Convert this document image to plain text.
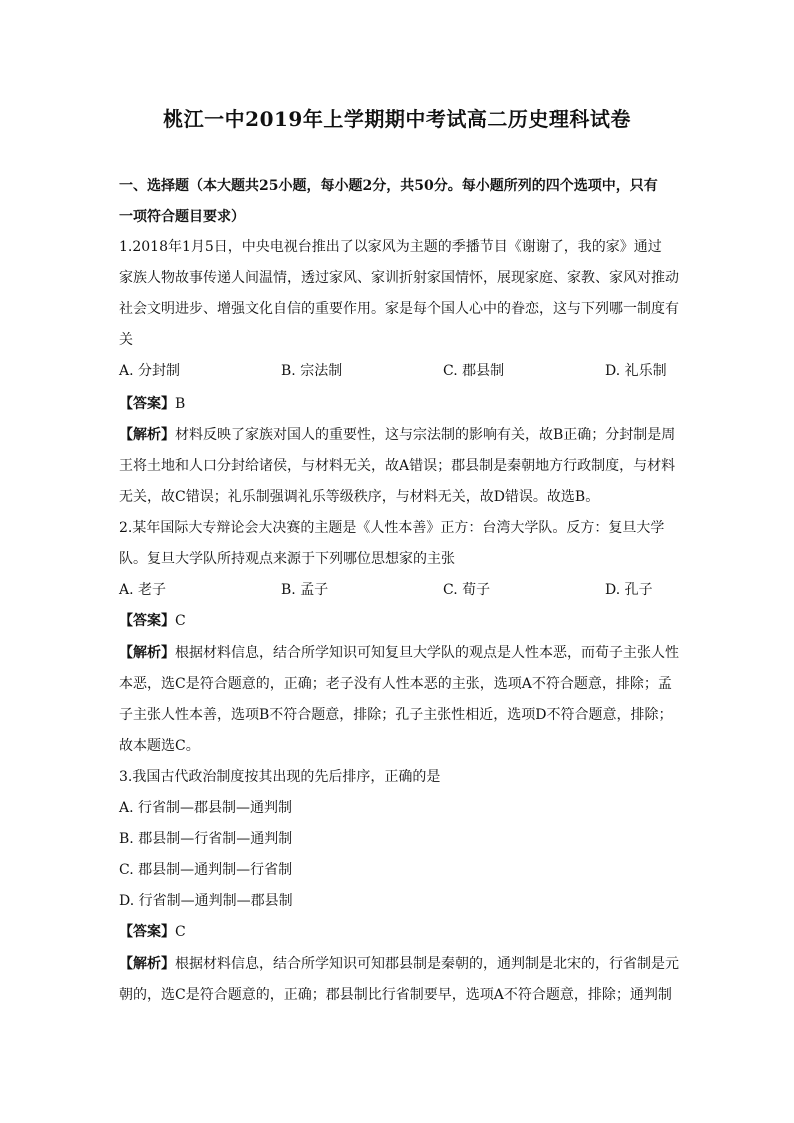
桃江一中2019年上学期期中考试高二历史理科试卷
一、选择题（本大题共25小题，每小题2分，共50分。每小题所列的四个选项中，只有
一项符合题目要求）
1.2018年1月5日，中央电视台推出了以家风为主题的季播节目《谢谢了，我的家》通过
家族人物故事传递人间温情，透过家风、家训折射家国情怀，展现家庭、家教、家风对推动
社会文明进步、增强文化自信的重要作用。家是每个国人心中的眷恋，这与下列哪一制度有
关
A. 分封制	B. 宗法制	C. 郡县制	D. 礼乐制
【答案】B
【解析】材料反映了家族对国人的重要性，这与宗法制的影响有关，故B正确；分封制是周
王将土地和人口分封给诸侯，与材料无关，故A错误；郡县制是秦朝地方行政制度，与材料
无关，故C错误；礼乐制强调礼乐等级秩序，与材料无关，故D错误。故选B。
2.某年国际大专辩论会大决赛的主题是《人性本善》正方：台湾大学队。反方：复旦大学
队。复旦大学队所持观点来源于下列哪位思想家的主张
A. 老子	B. 孟子	C. 荀子	D. 孔子
【答案】C
【解析】根据材料信息，结合所学知识可知复旦大学队的观点是人性本恶，而荀子主张人性
本恶，选C是符合题意的，正确；老子没有人性本恶的主张，选项A不符合题意，排除；孟
子主张人性本善，选项B不符合题意，排除；孔子主张性相近，选项D不符合题意，排除；
故本题选C。
3.我国古代政治制度按其出现的先后排序，正确的是
A. 行省制—郡县制—通判制
B. 郡县制—行省制—通判制
C. 郡县制—通判制—行省制
D. 行省制—通判制—郡县制
【答案】C
【解析】根据材料信息，结合所学知识可知郡县制是秦朝的，通判制是北宋的，行省制是元
朝的，选C是符合题意的，正确；郡县制比行省制要早，选项A不符合题意，排除；通判制
